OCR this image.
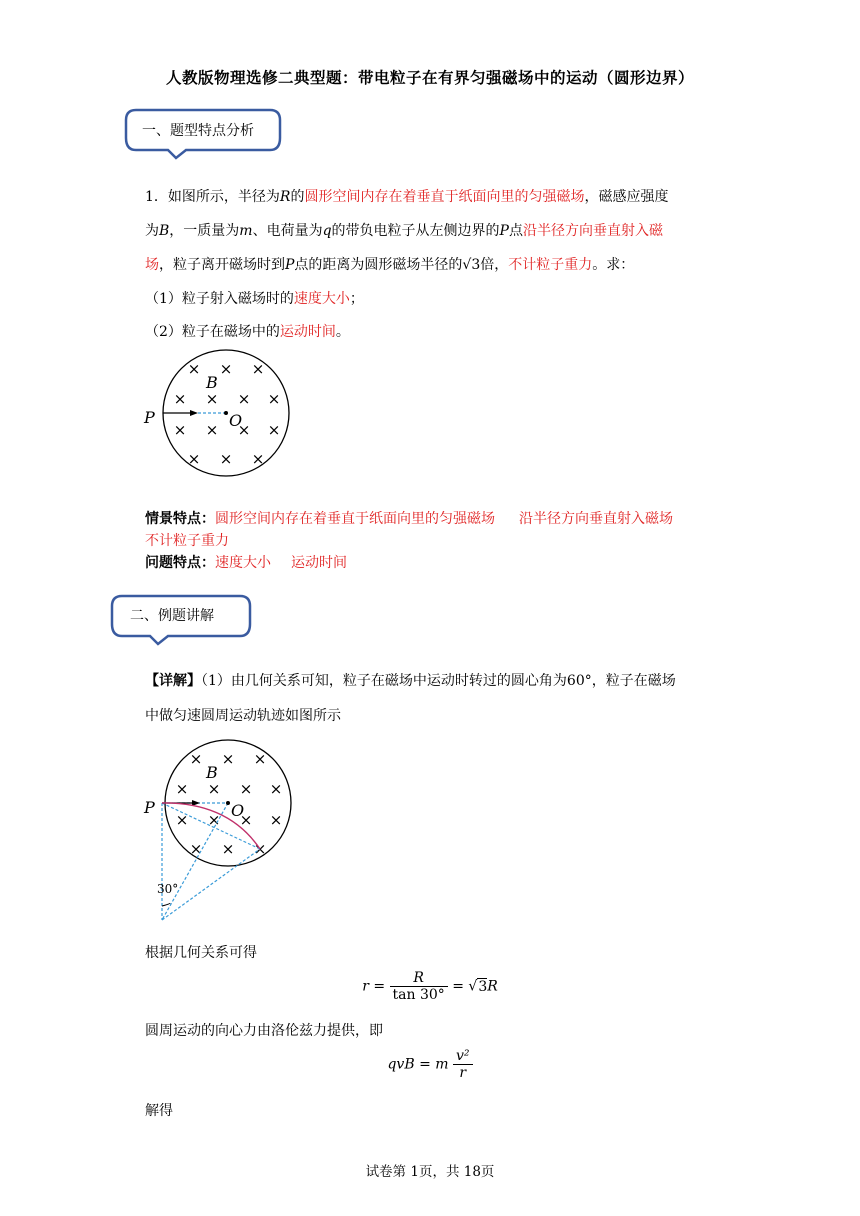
人教版物理选修二典型题：带电粒子在有界匀强磁场中的运动（圆形边界）
一、题型特点分析
1．如图所示，半径为R的圆形空间内存在着垂直于纸面向里的匀强磁场，磁感应强度
为B，一质量为m、电荷量为q的带负电粒子从左侧边界的P点沿半径方向垂直射入磁
场，粒子离开磁场时到P点的距离为圆形磁场半径的√3倍，不计粒子重力。求：
（1）粒子射入磁场时的速度大小；
（2）粒子在磁场中的运动时间。
× × ×
× × × ×
× × × ×
× × ×
B
P	O
情景特点：圆形空间内存在着垂直于纸面向里的匀强磁场 沿半径方向垂直射入磁场
不计粒子重力
问题特点：速度大小 运动时间
二、例题讲解
【详解】（1）由几何关系可知，粒子在磁场中运动时转过的圆心角为60°，粒子在磁场
中做匀速圆周运动轨迹如图所示
× × ×
× × × ×
× × × ×
× × ×
B
P	O
30°
根据几何关系可得
$r = \frac{R}{\tan 30^\circ} = √3R$
圆周运动的向心力由洛伦兹力提供，即
qvB = m $\frac{\text{v²}}{r}$
解得
试卷第 1页，共 18页
